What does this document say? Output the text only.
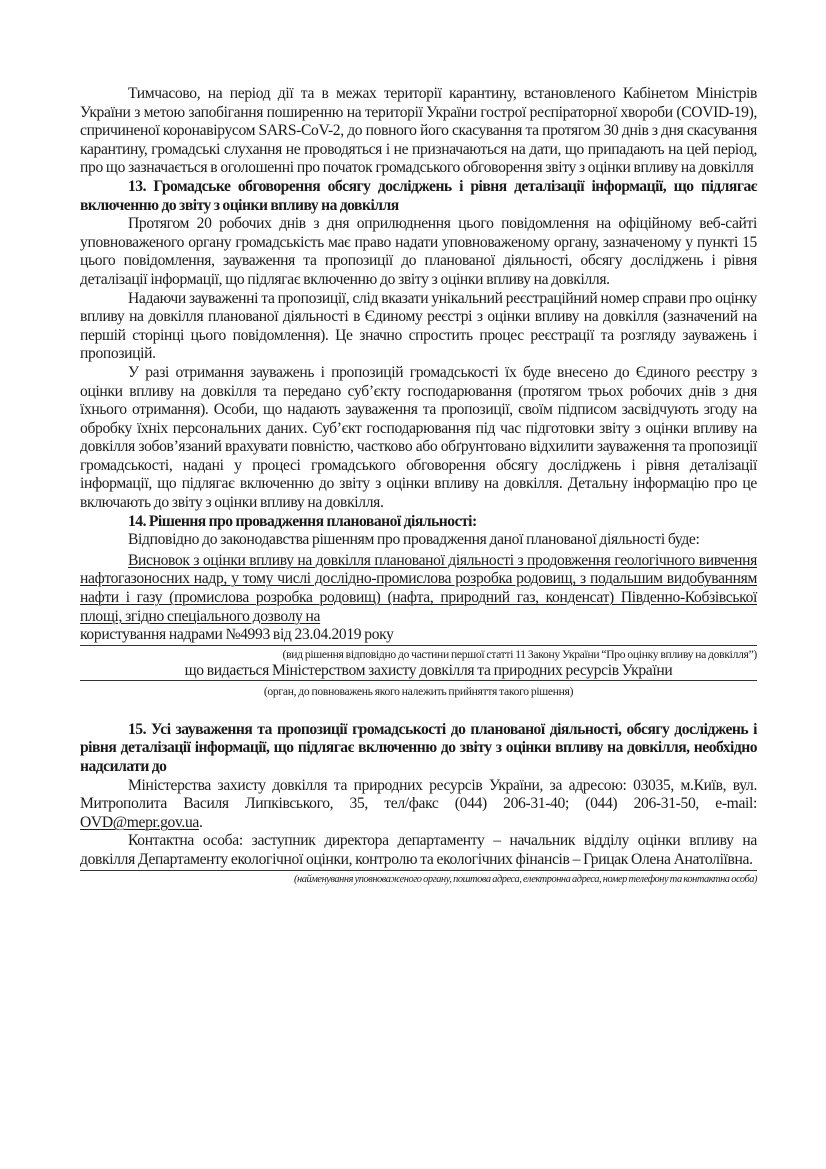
Тимчасово, на період дії та в межах території карантину, встановленого Кабінетом Міністрів України з метою запобігання поширенню на території України гострої респіраторної хвороби (COVID-19), спричиненої коронавірусом SARS-CoV-2, до повного його скасування та протягом 30 днів з дня скасування карантину, громадські слухання не проводяться і не призначаються на дати, що припадають на цей період, про що зазначається в оголошенні про початок громадського обговорення звіту з оцінки впливу на довкілля

13. Громадське обговорення обсягу досліджень і рівня деталізації інформації, що підлягає включенню до звіту з оцінки впливу на довкілля

Протягом 20 робочих днів з дня оприлюднення цього повідомлення на офіційному веб-сайті уповноваженого органу громадськість має право надати уповноваженому органу, зазначеному у пункті 15 цього повідомлення, зауваження та пропозиції до планованої діяльності, обсягу досліджень і рівня деталізації інформації, що підлягає включенню до звіту з оцінки впливу на довкілля.

Надаючи зауваженні та пропозиції, слід вказати унікальний реєстраційний номер справи про оцінку впливу на довкілля планованої діяльності в Єдиному реєстрі з оцінки впливу на довкілля (зазначений на першій сторінці цього повідомлення). Це значно спростить процес реєстрації та розгляду зауважень і пропозицій.

У разі отримання зауважень і пропозицій громадськості їх буде внесено до Єдиного реєстру з оцінки впливу на довкілля та передано суб’єкту господарювання (протягом трьох робочих днів з дня їхнього отримання). Особи, що надають зауваження та пропозиції, своїм підписом засвідчують згоду на обробку їхніх персональних даних. Суб’єкт господарювання під час підготовки звіту з оцінки впливу на довкілля зобов’язаний врахувати повністю, частково або обґрунтовано відхилити зауваження та пропозиції громадськості, надані у процесі громадського обговорення обсягу досліджень і рівня деталізації інформації, що підлягає включенню до звіту з оцінки впливу на довкілля. Детальну інформацію про це включають до звіту з оцінки впливу на довкілля.

14. Рішення про провадження планованої діяльності:

Відповідно до законодавства рішенням про провадження даної планованої діяльності буде:

Висновок з оцінки впливу на довкілля планованої діяльності з продовження геологічного вивчення нафтогазоносних надр, у тому числі дослідно-промислова розробка родовищ, з подальшим видобуванням нафти і газу (промислова розробка родовищ) (нафта, природний газ, конденсат) Південно-Кобзівської площі, згідно спеціального дозволу на

користування надрами №4993 від 23.04.2019 року

(вид рішення відповідно до частини першої статті 11 Закону України “Про оцінку впливу на довкілля”)

що видається Міністерством захисту довкілля та природних ресурсів України

(орган, до повноважень якого належить прийняття такого рішення)

15. Усі зауваження та пропозиції громадськості до планованої діяльності, обсягу досліджень і рівня деталізації інформації, що підлягає включенню до звіту з оцінки впливу на довкілля, необхідно надсилати до

Міністерства захисту довкілля та природних ресурсів України, за адресою: 03035, м.Київ, вул. Митрополита Василя Липківського, 35, тел/факс (044) 206-31-40; (044) 206-31-50, e-mail: OVD@mepr.gov.ua.

Контактна особа: заступник директора департаменту – начальник відділу оцінки впливу на довкілля Департаменту екологічної оцінки, контролю та екологічних фінансів – Грицак Олена Анатоліївна.

(найменування уповноваженого органу, поштова адреса, електронна адреса, номер телефону та контактна особа)
